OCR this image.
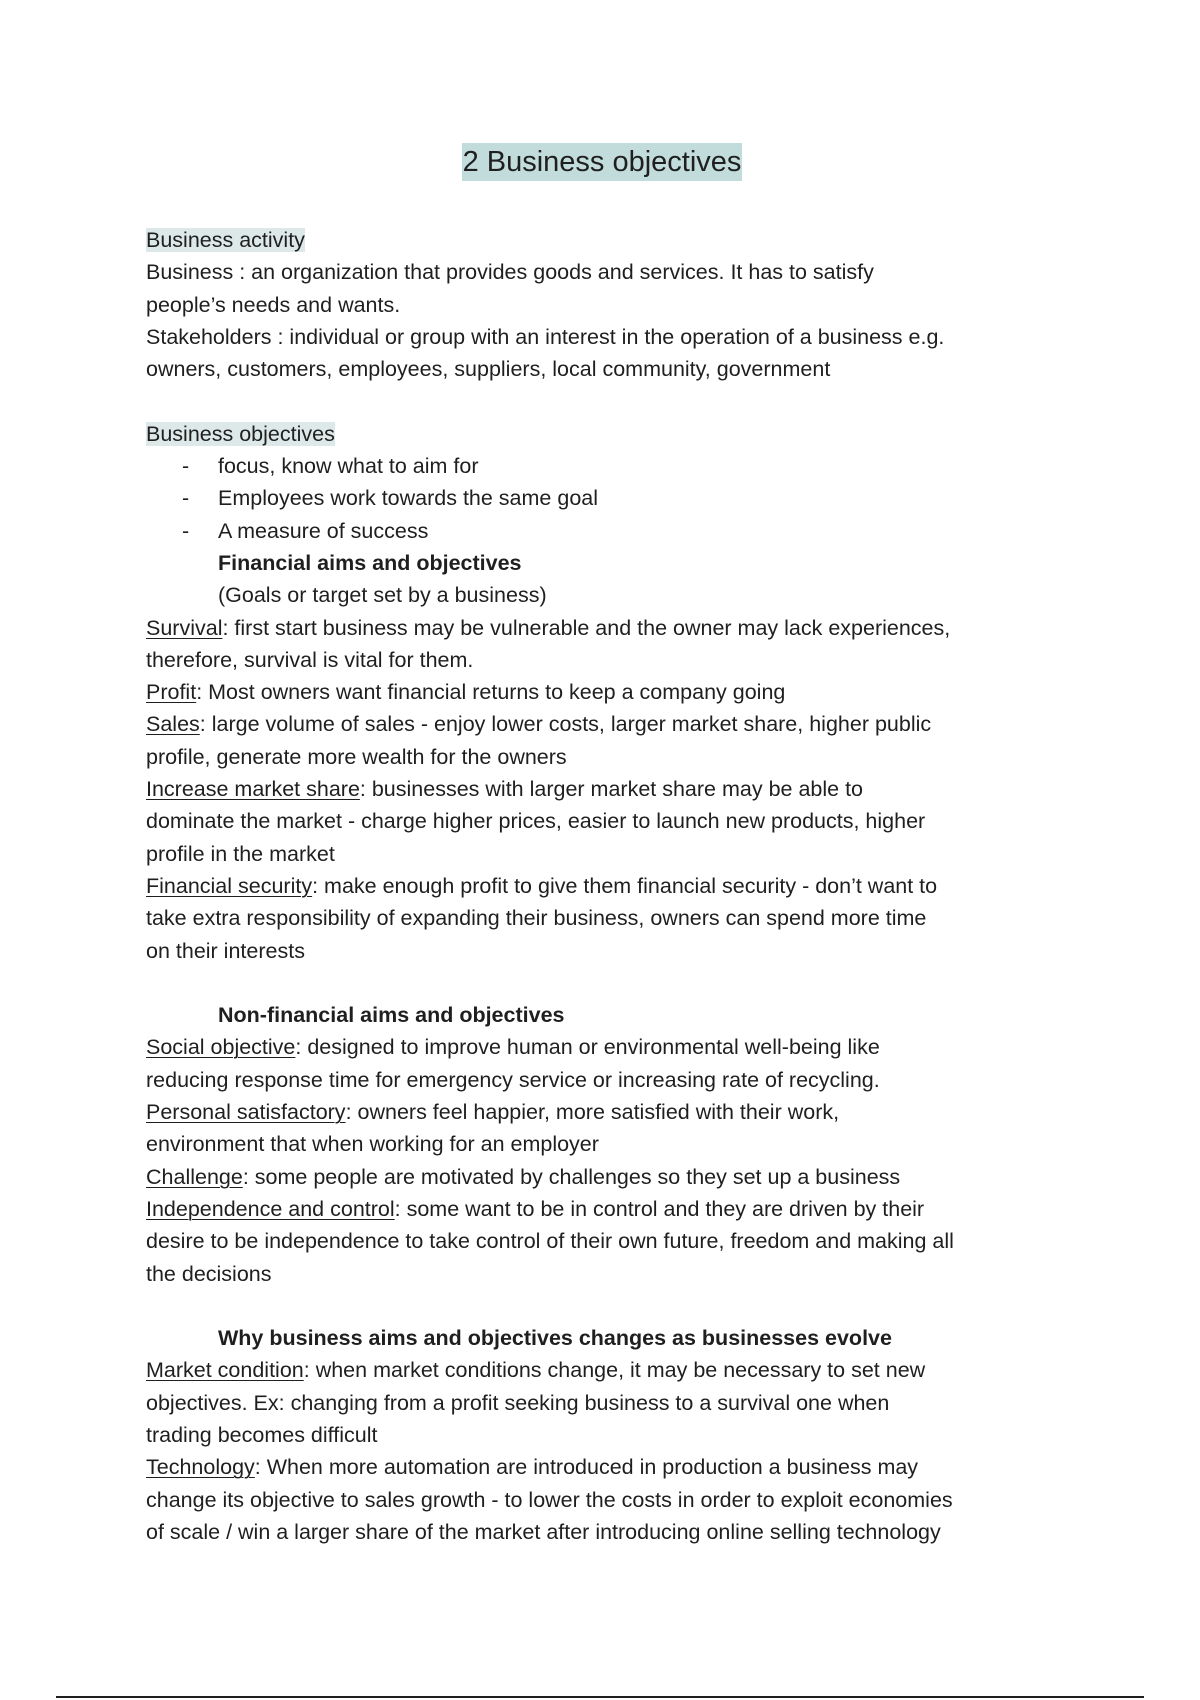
2 Business objectives
Business activity
Business : an organization that provides goods and services. It has to satisfy
people’s needs and wants.
Stakeholders : individual or group with an interest in the operation of a business e.g.
owners, customers, employees, suppliers, local community, government
Business objectives
- focus, know what to aim for
- Employees work towards the same goal
- A measure of success
Financial aims and objectives
(Goals or target set by a business)
Survival: first start business may be vulnerable and the owner may lack experiences,
therefore, survival is vital for them.
Profit: Most owners want financial returns to keep a company going
Sales: large volume of sales - enjoy lower costs, larger market share, higher public
profile, generate more wealth for the owners
Increase market share: businesses with larger market share may be able to
dominate the market - charge higher prices, easier to launch new products, higher
profile in the market
Financial security: make enough profit to give them financial security - don’t want to
take extra responsibility of expanding their business, owners can spend more time
on their interests
Non-financial aims and objectives
Social objective: designed to improve human or environmental well-being like
reducing response time for emergency service or increasing rate of recycling.
Personal satisfactory: owners feel happier, more satisfied with their work,
environment that when working for an employer
Challenge: some people are motivated by challenges so they set up a business
Independence and control: some want to be in control and they are driven by their
desire to be independence to take control of their own future, freedom and making all
the decisions
Why business aims and objectives changes as businesses evolve
Market condition: when market conditions change, it may be necessary to set new
objectives. Ex: changing from a profit seeking business to a survival one when
trading becomes difficult
Technology: When more automation are introduced in production a business may
change its objective to sales growth - to lower the costs in order to exploit economies
of scale / win a larger share of the market after introducing online selling technology
